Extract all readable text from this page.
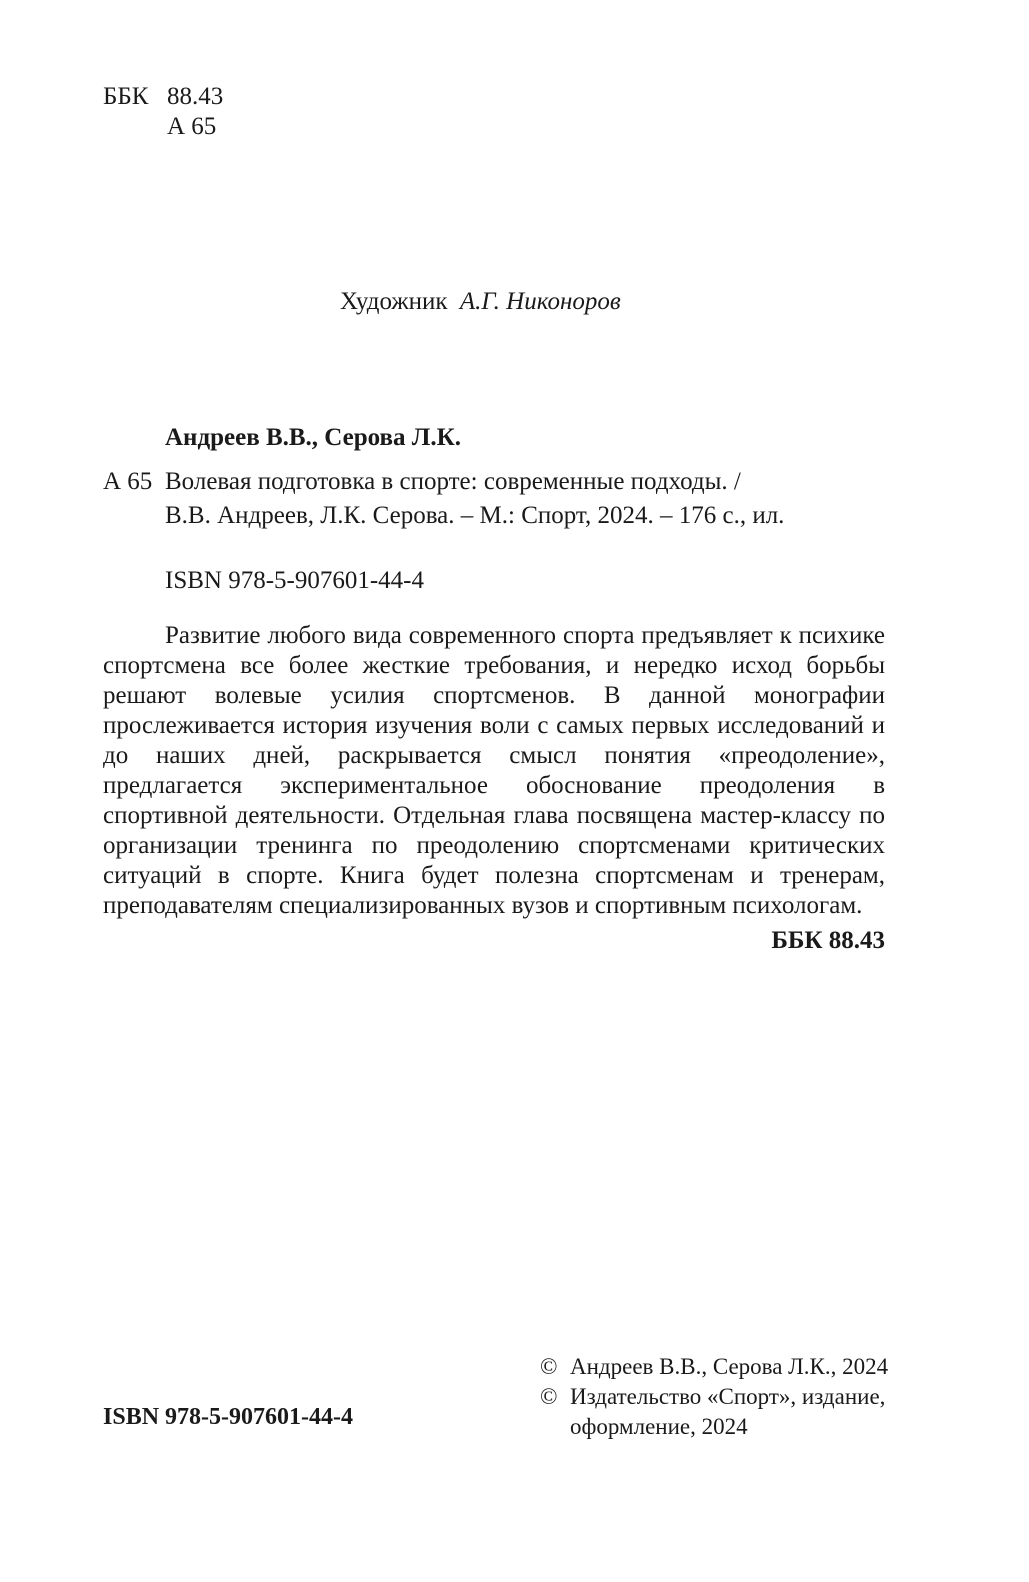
ББК 88.43
А 65
Художник А.Г. Никоноров
Андреев В.В., Серова Л.К.
А 65 Волевая подготовка в спорте: современные подходы. /
В.В. Андреев, Л.К. Серова. – М.: Спорт, 2024. – 176 с., ил.
ISBN 978-5-907601-44-4

Развитие любого вида современного спорта предъявляет к психике спортсмена все более жесткие требования, и нередко исход борьбы решают волевые усилия спортсменов. В данной монографии прослеживается история изучения воли с самых первых исследований и до наших дней, раскрывается смысл понятия «преодоление», предлагается экспериментальное обоснование преодоления в спортивной деятельности. Отдельная глава посвящена мастер-классу по организации тренинга по преодолению спортсменами критических ситуаций в спорте. Книга будет полезна спортсменам и тренерам, преподавателям специализированных вузов и спортивным психологам.

ББК 88.43
ISBN 978-5-907601-44-4
© Андреев В.В., Серова Л.К., 2024
© Издательство «Спорт», издание,
оформление, 2024
